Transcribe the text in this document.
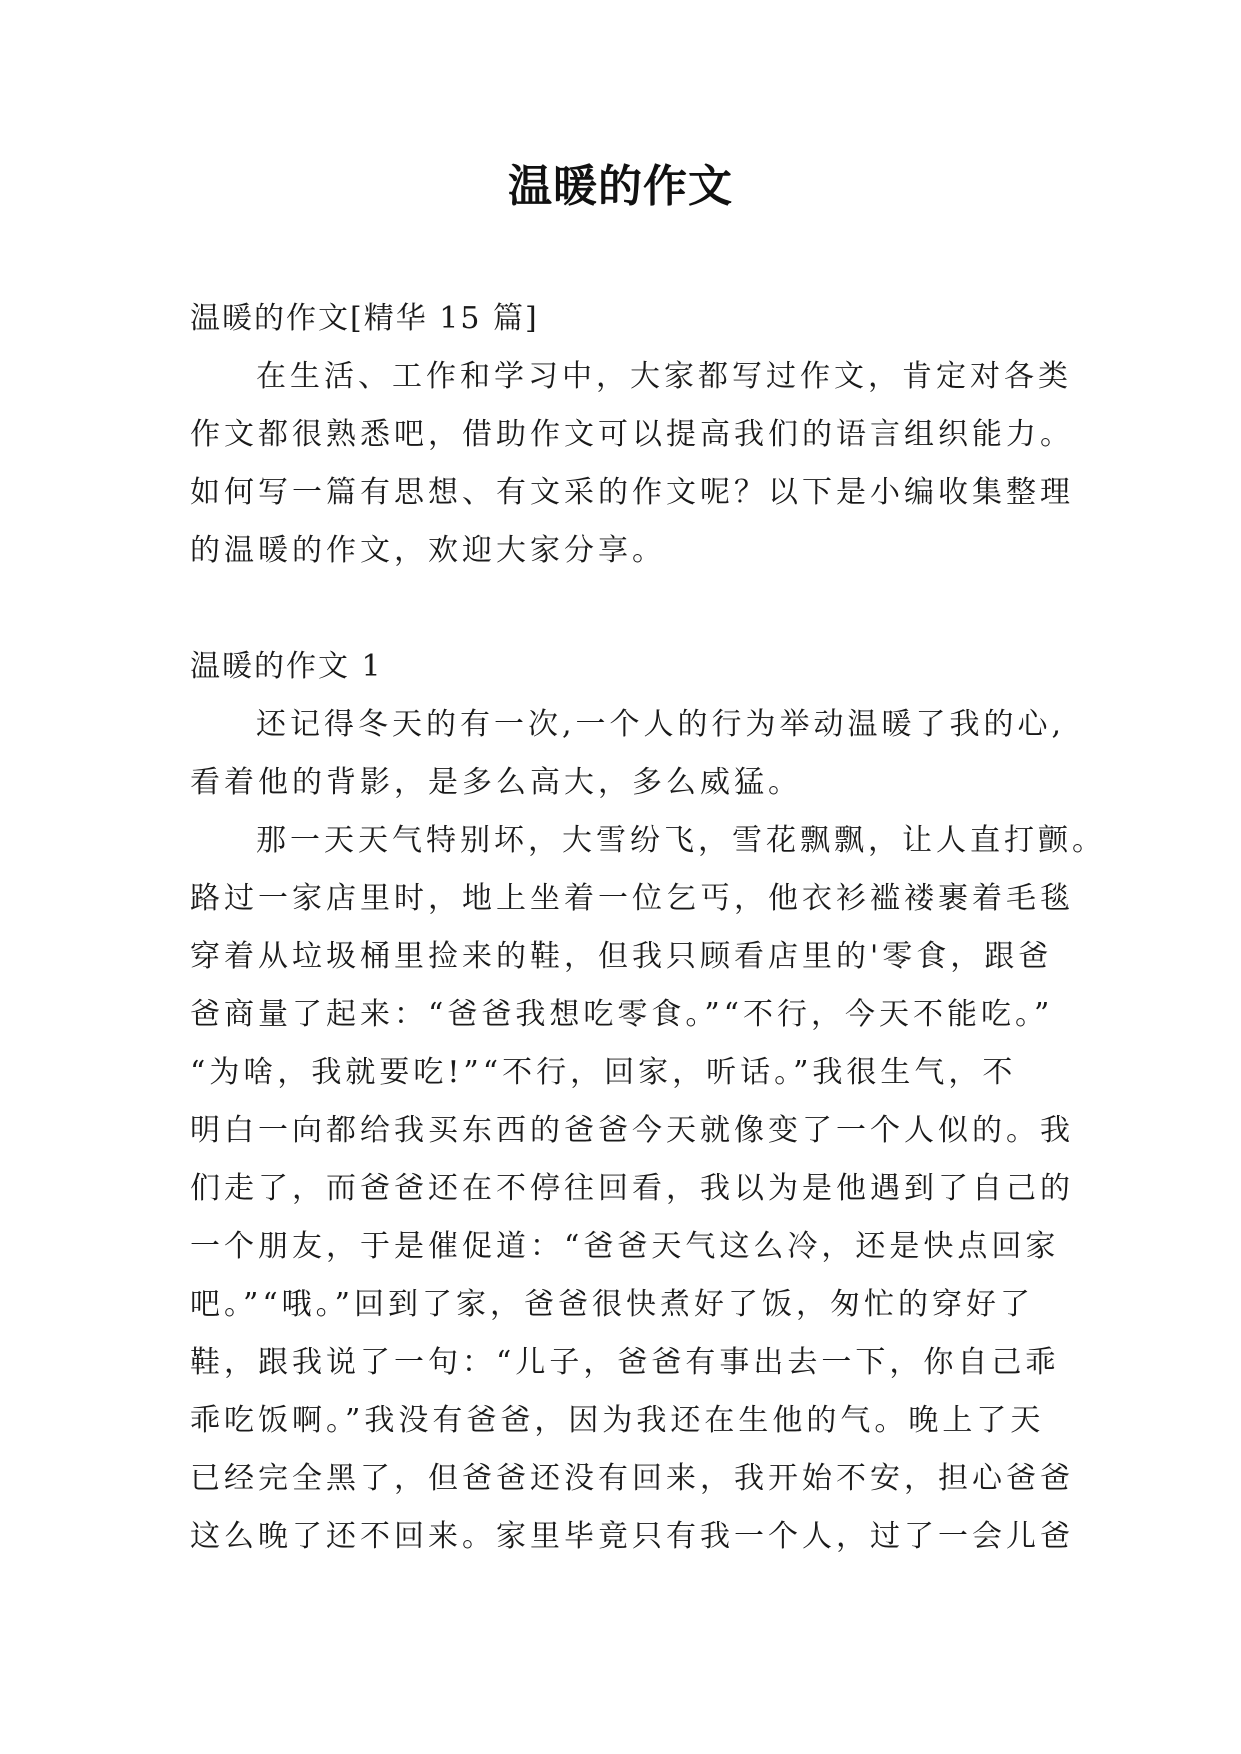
温暖的作文
温暖的作文[精华 15 篇]
在生活、工作和学习中，大家都写过作文，肯定对各类
作文都很熟悉吧，借助作文可以提高我们的语言组织能力。
如何写一篇有思想、有文采的作文呢？以下是小编收集整理
的温暖的作文，欢迎大家分享。
温暖的作文 1
还记得冬天的有一次,一个人的行为举动温暖了我的心,
看着他的背影，是多么高大，多么威猛。
那一天天气特别坏，大雪纷飞，雪花飘飘，让人直打颤。
路过一家店里时，地上坐着一位乞丐，他衣衫褴褛裹着毛毯
穿着从垃圾桶里捡来的鞋，但我只顾看店里的'零食，跟爸
爸商量了起来：“爸爸我想吃零食。”“不行，今天不能吃。”
“为啥，我就要吃!”“不行，回家，听话。”我很生气，不
明白一向都给我买东西的爸爸今天就像变了一个人似的。我
们走了，而爸爸还在不停往回看，我以为是他遇到了自己的
一个朋友，于是催促道：“爸爸天气这么冷，还是快点回家
吧。”“哦。”回到了家，爸爸很快煮好了饭，匆忙的穿好了
鞋，跟我说了一句：“儿子，爸爸有事出去一下，你自己乖
乖吃饭啊。”我没有爸爸，因为我还在生他的气。晚上了天
已经完全黑了，但爸爸还没有回来，我开始不安，担心爸爸
这么晚了还不回来。家里毕竟只有我一个人，过了一会儿爸
